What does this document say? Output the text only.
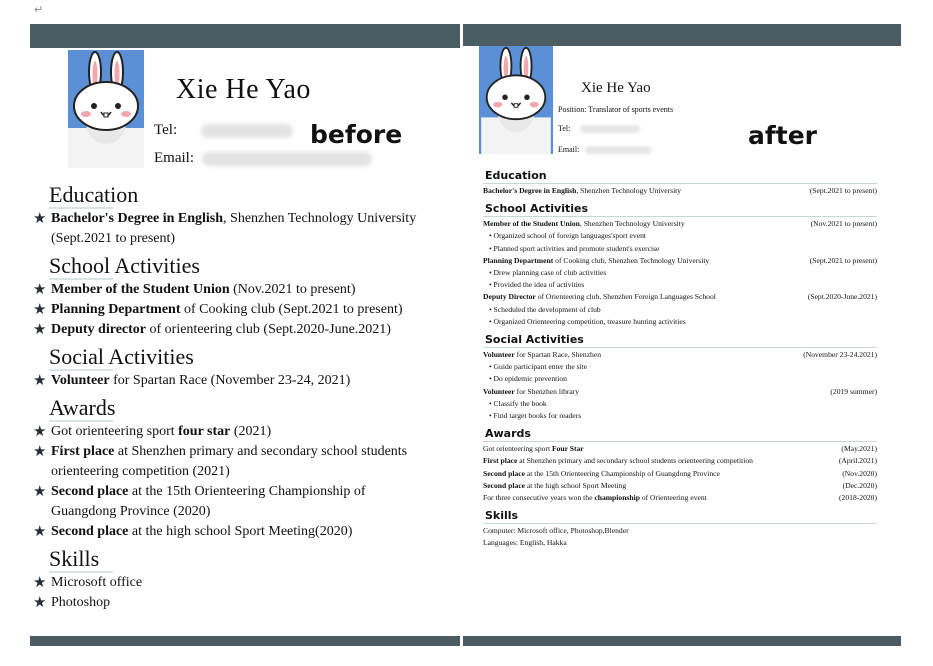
↵
Xie He Yao
Tel:
Email:
before
Education
★ Bachelor's Degree in English, Shenzhen Technology University
(Sept.2021 to present)
School Activities
★ Member of the Student Union (Nov.2021 to present)
★ Planning Department of Cooking club (Sept.2021 to present)
★ Deputy director of orienteering club (Sept.2020-June.2021)
Social Activities
★ Volunteer for Spartan Race (November 23-24, 2021)
Awards
★ Got orienteering sport four star (2021)
★ First place at Shenzhen primary and secondary school students
orienteering competition (2021)
★ Second place at the 15th Orienteering Championship of
Guangdong Province (2020)
★ Second place at the high school Sport Meeting(2020)
Skills
★ Microsoft office
★ Photoshop
Xie He Yao
Position: Translator of sports events
Tel:
Email:	after
Education
Bachelor's Degree in English, Shenzhen Technology University	(Sept.2021 to present)
School Activities
Member of the Student Union, Shenzhen Technology University	(Nov.2021 to present)
• Organized school of foreign languages'sport event
• Planned sport activities and promote student's exercise
Planning Department of Cooking club, Shenzhen Technology University	(Sept.2021 to present)
• Drew planning case of club activities
• Provided the idea of activities
Deputy Director of Orienteering club, Shenzhen Foreign Languages School	(Sept.2020-June.2021)
• Scheduled the development of club
• Organized Orienteering competition, treasure hunting activities
Social Activities
Volunteer for Spartan Race, Shenzhen	(November 23-24.2021)
• Guide participant enter the site
• Do epidemic prevention
Volunteer for Shenzhen library	(2019 summer)
• Classify the book
• Find target books for readers
Awards
Got orienteering sport Four Star	(May.2021)
First place at Shenzhen primary and secondary school students orienteering competition	(April.2021)
Second place at the 15th Orienteering Championship of Guangdong Province	(Nov.2020)
Second place at the high school Sport Meeting	(Dec.2020)
For three consecutive years won the championship of Orienteering event	(2018-2020)
Skills
Computer: Microsoft office, Photoshop,Blender
Languages: English, Hakka
